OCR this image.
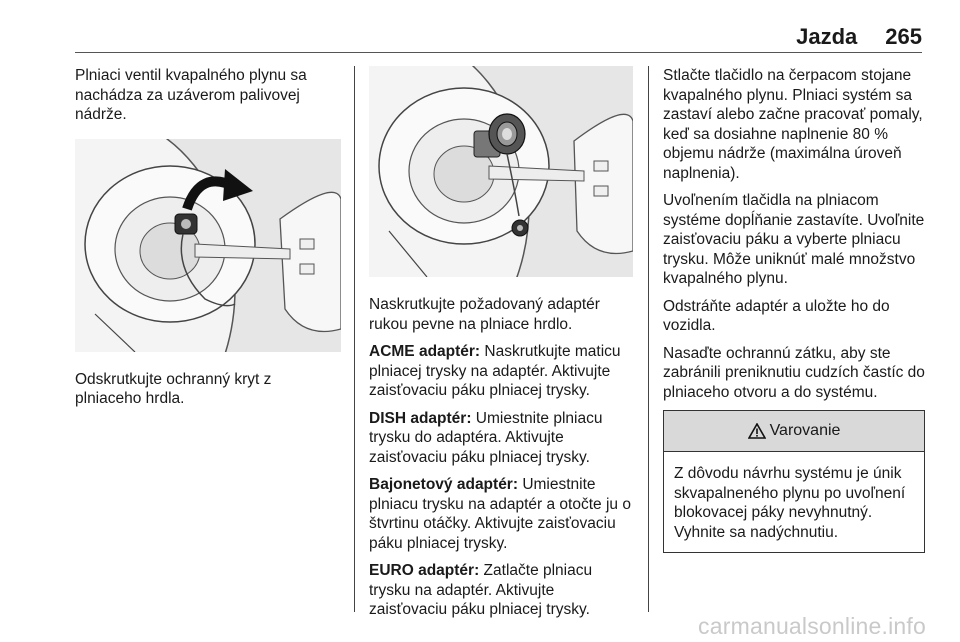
Jazda 265

Plniaci ventil kvapalného plynu sa nachádza za uzáverom palivovej nádrže.

Odskrutkujte ochranný kryt z plniaceho hrdla.

Naskrutkujte požadovaný adaptér rukou pevne na plniace hrdlo.

ACME adaptér: Naskrutkujte maticu plniacej trysky na adaptér. Aktivujte zaisťovaciu páku plniacej trysky.

DISH adaptér: Umiestnite plniacu trysku do adaptéra. Aktivujte zaisťovaciu páku plniacej trysky.

Bajonetový adaptér: Umiestnite plniacu trysku na adaptér a otočte ju o štvrtinu otáčky. Aktivujte zaisťovaciu páku plniacej trysky.

EURO adaptér: Zatlačte plniacu trysku na adaptér. Aktivujte zaisťovaciu páku plniacej trysky.

Stlačte tlačidlo na čerpacom stojane kvapalného plynu. Plniaci systém sa zastaví alebo začne pracovať pomaly, keď sa dosiahne naplnenie 80 % objemu nádrže (maximálna úroveň naplnenia).

Uvoľnením tlačidla na plniacom systéme dopĺňanie zastavíte. Uvoľnite zaisťovaciu páku a vyberte plniacu trysku. Môže uniknúť malé množstvo kvapalného plynu.

Odstráňte adaptér a uložte ho do vozidla.

Nasaďte ochrannú zátku, aby ste zabránili preniknutiu cudzích častíc do plniaceho otvoru a do systému.

Varovanie
Z dôvodu návrhu systému je únik skvapalneného plynu po uvoľnení blokovacej páky nevyhnutný. Vyhnite sa nadýchnutiu.
carmanualsonline.info
